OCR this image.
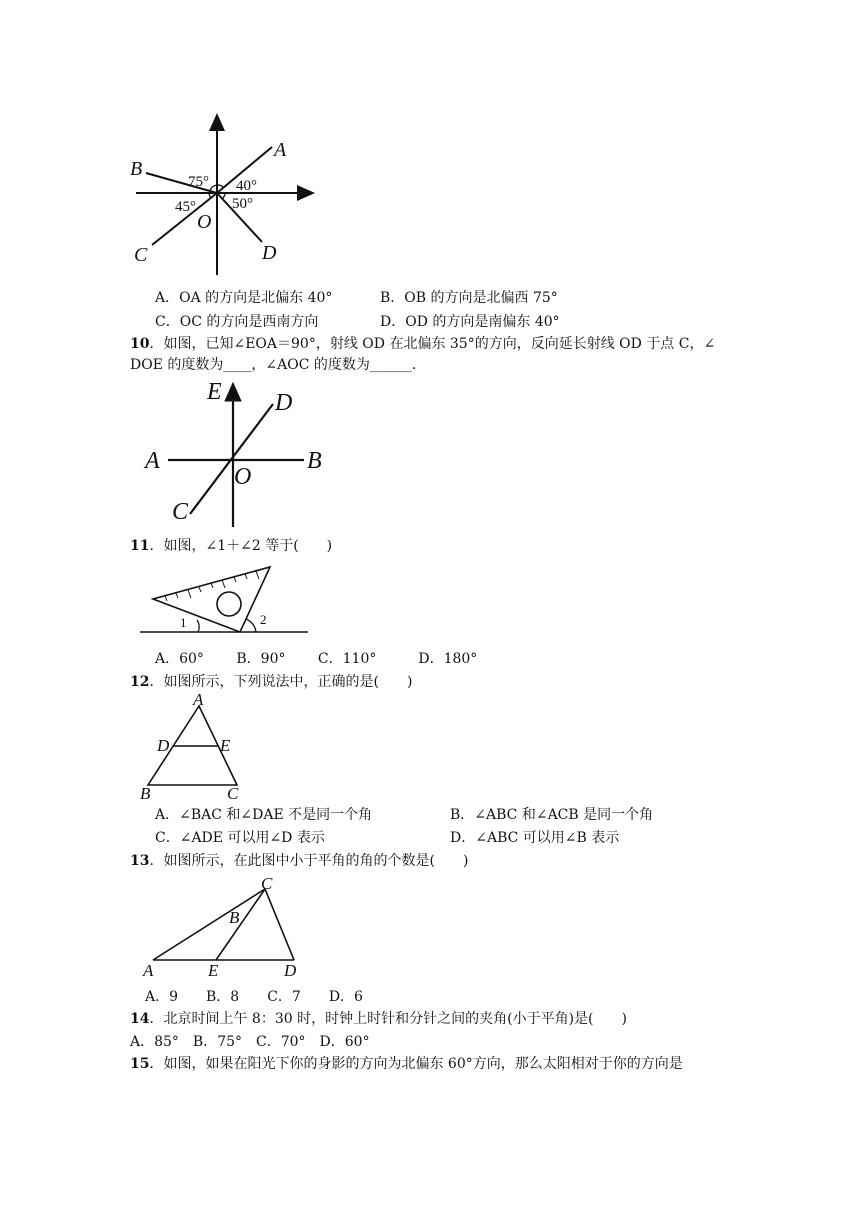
A
B
C	D
O
75° 40°
45° 50°
A．OA 的方向是北偏东 40°	B．OB 的方向是北偏西 75°
C．OC 的方向是西南方向	D．OD 的方向是南偏东 40°
10．如图，已知∠EOA＝90°，射线 OD 在北偏东 35°的方向，反向延长射线 OD 于点 C，∠
DOE 的度数为____，∠AOC 的度数为______．
E D
A	B
O
C
11．如图，∠1＋∠2 等于(　　)
1	2
A．60°　　 B．90°　　 C．110°　　　D．180°
12．如图所示，下列说法中，正确的是(　　)
A
D	E
B	C
A．∠BAC 和∠DAE 不是同一个角	B．∠ABC 和∠ACB 是同一个角
C．∠ADE 可以用∠D 表示	D．∠ABC 可以用∠B 表示
13．如图所示，在此图中小于平角的角的个数是(　　)
C
B
A	E	D
A．9　　B．8　　C．7　　D．6
14．北京时间上午 8：30 时，时钟上时针和分针之间的夹角(小于平角)是(　　)
A．85°　B．75°　C．70°　D．60°
15．如图，如果在阳光下你的身影的方向为北偏东 60°方向，那么太阳相对于你的方向是
